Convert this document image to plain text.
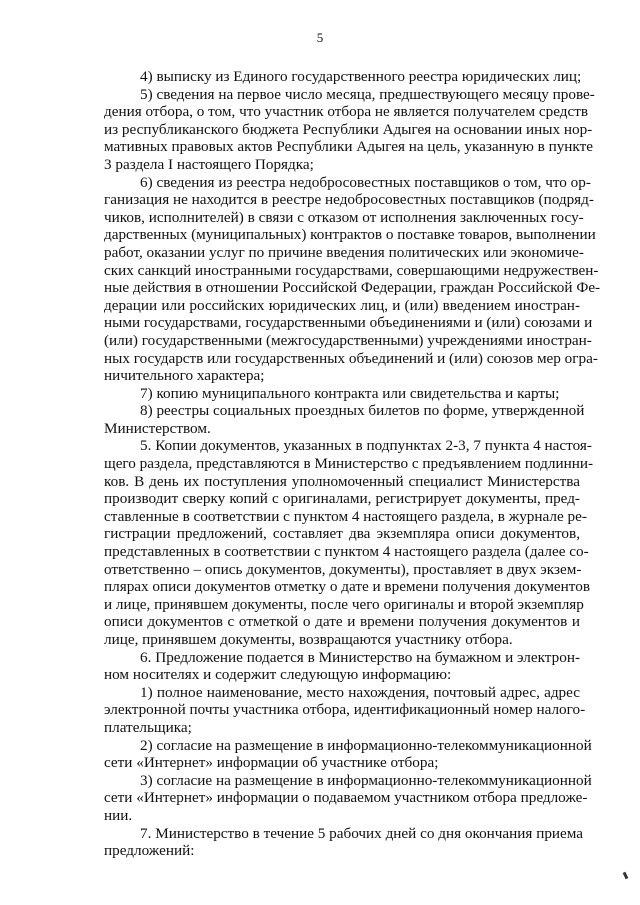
5
4) выписку из Единого государственного реестра юридических лиц;
5) сведения на первое число месяца, предшествующего месяцу прове-
дения отбора, о том, что участник отбора не является получателем средств
из республиканского бюджета Республики Адыгея на основании иных нор-
мативных правовых актов Республики Адыгея на цель, указанную в пункте
3 раздела I настоящего Порядка;
6) сведения из реестра недобросовестных поставщиков о том, что ор-
ганизация не находится в реестре недобросовестных поставщиков (подряд-
чиков, исполнителей) в связи с отказом от исполнения заключенных госу-
дарственных (муниципальных) контрактов о поставке товаров, выполнении
работ, оказании услуг по причине введения политических или экономиче-
ских санкций иностранными государствами, совершающими недружествен-
ные действия в отношении Российской Федерации, граждан Российской Фе-
дерации или российских юридических лиц, и (или) введением иностран-
ными государствами, государственными объединениями и (или) союзами и
(или) государственными (межгосударственными) учреждениями иностран-
ных государств или государственных объединений и (или) союзов мер огра-
ничительного характера;
7) копию муниципального контракта или свидетельства и карты;
8) реестры социальных проездных билетов по форме, утвержденной
Министерством.
5. Копии документов, указанных в подпунктах 2-3, 7 пункта 4 настоя-
щего раздела, представляются в Министерство с предъявлением подлинни-
ков. В день их поступления уполномоченный специалист Министерства
производит сверку копий с оригиналами, регистрирует документы, пред-
ставленные в соответствии с пунктом 4 настоящего раздела, в журнале ре-
гистрации предложений, составляет два экземпляра описи документов,
представленных в соответствии с пунктом 4 настоящего раздела (далее со-
ответственно – опись документов, документы), проставляет в двух экзем-
плярах описи документов отметку о дате и времени получения документов
и лице, принявшем документы, после чего оригиналы и второй экземпляр
описи документов с отметкой о дате и времени получения документов и
лице, принявшем документы, возвращаются участнику отбора.
6. Предложение подается в Министерство на бумажном и электрон-
ном носителях и содержит следующую информацию:
1) полное наименование, место нахождения, почтовый адрес, адрес
электронной почты участника отбора, идентификационный номер налого-
плательщика;
2) согласие на размещение в информационно-телекоммуникационной
сети «Интернет» информации об участнике отбора;
3) согласие на размещение в информационно-телекоммуникационной
сети «Интернет» информации о подаваемом участником отбора предложе-
нии.
7. Министерство в течение 5 рабочих дней со дня окончания приема
предложений:
